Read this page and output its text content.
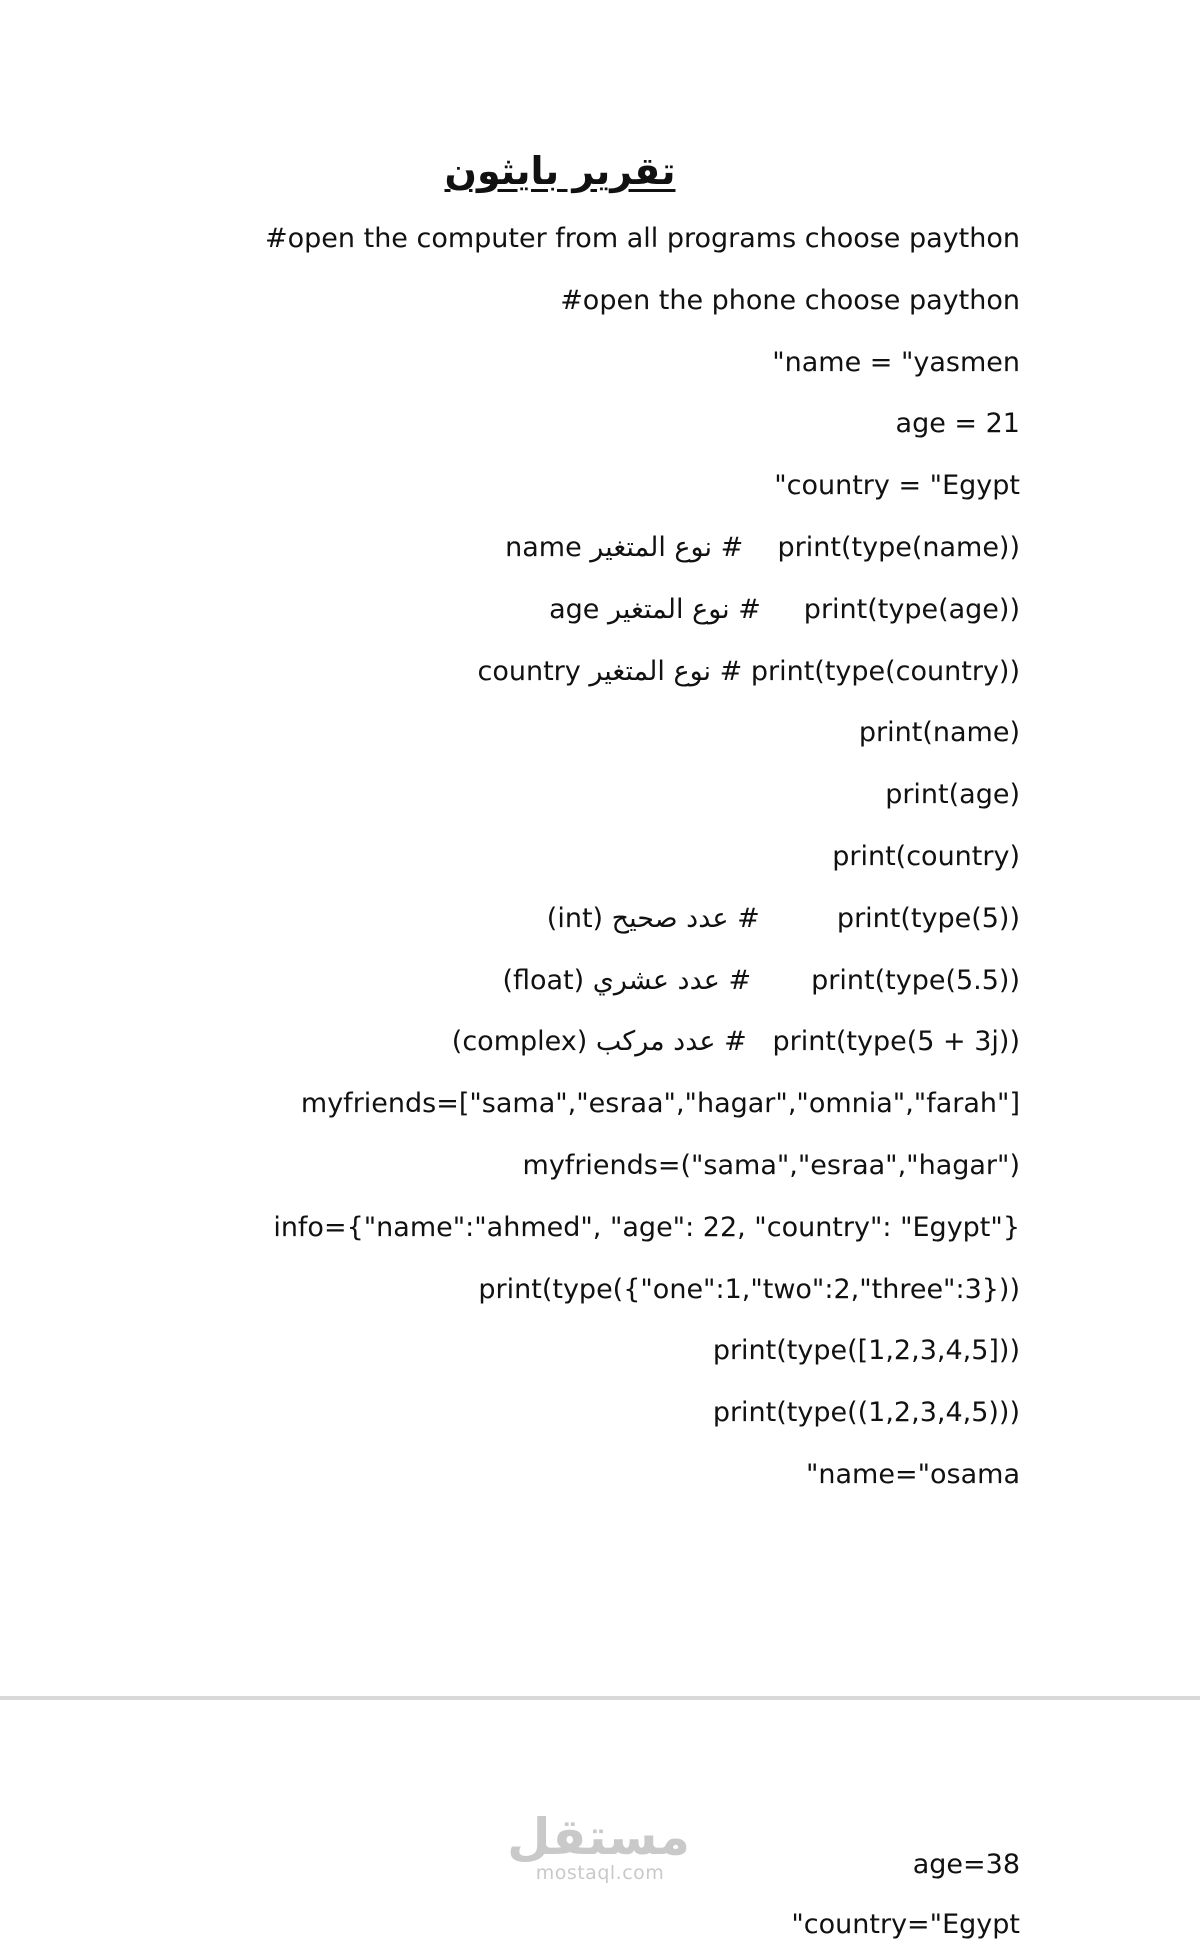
تقرير بايثون
#open the computer from all programs choose paython
#open the phone choose paython
"name = "yasmen
age = 21
"country = "Egypt
name نوع المتغير #    print(type(name))
age نوع المتغير #     print(type(age))
country نوع المتغير # print(type(country))
print(name)
print(age)
print(country)
(int) عدد صحيح #         print(type(5))
(float) عدد عشري #       print(type(5.5))
(complex) عدد مركب #   print(type(5 + 3j))
myfriends=["sama","esraa","hagar","omnia","farah"]
myfriends=("sama","esraa","hagar")
info={"name":"ahmed", "age": 22, "country": "Egypt"}
print(type({"one":1,"two":2,"three":3}))
print(type([1,2,3,4,5]))
print(type((1,2,3,4,5)))
"name="osama
مستقل
mostaql.com	age=38
"country="Egypt
